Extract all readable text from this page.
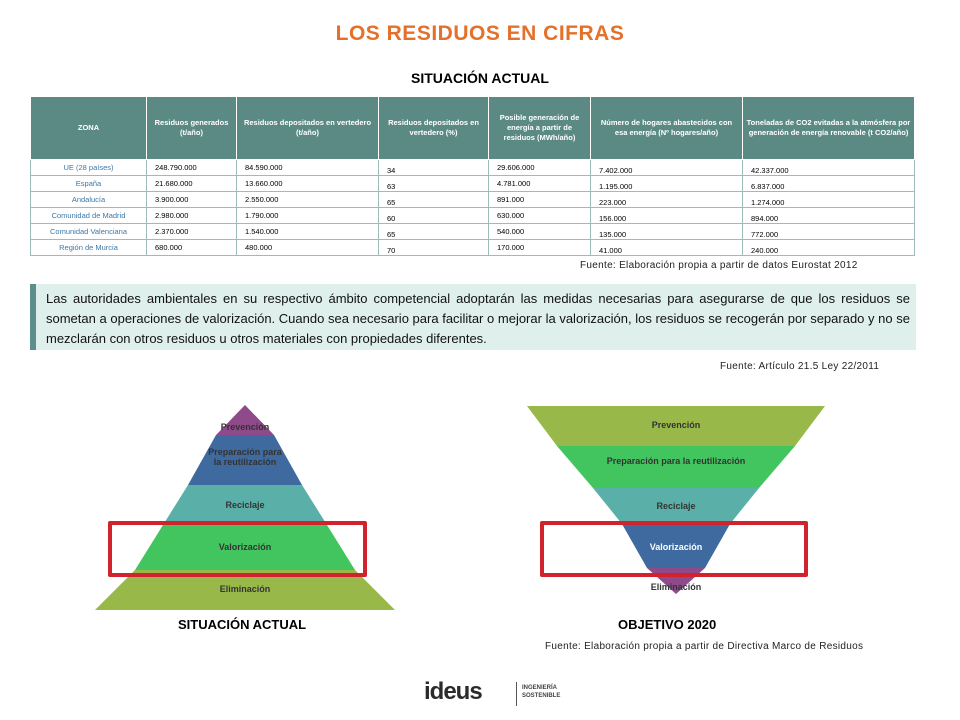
LOS RESIDUOS EN CIFRAS
SITUACIÓN ACTUAL
ZONA	Residuos generados (t/año)	Residuos depositados en vertedero (t/año)	Residuos depositados en vertedero (%)	Posible generación de energía a partir de residuos (MWh/año)	Número de hogares abastecidos con esa energía (Nº hogares/año)	Toneladas de CO2 evitadas a la atmósfera por generación de energía renovable (t CO2/año)
UE (28 países)	248.790.000	84.590.000	34	29.606.000	7.402.000	42.337.000
España	21.680.000	13.660.000	63	4.781.000	1.195.000	6.837.000
Andalucía	3.900.000	2.550.000	65	891.000	223.000	1.274.000
Comunidad de Madrid	2.980.000	1.790.000	60	630.000	156.000	894.000
Comunidad Valenciana	2.370.000	1.540.000	65	540.000	135.000	772.000
Región de Murcia	680.000	480.000	70	170.000	41.000	240.000
Fuente: Elaboración propia a partir de datos Eurostat 2012
Las autoridades ambientales en su respectivo ámbito competencial adoptarán las medidas necesarias para asegurarse de que los residuos se sometan a operaciones de valorización. Cuando sea necesario para facilitar o mejorar la valorización, los residuos se recogerán por separado y no se mezclarán con otros residuos u otros materiales con propiedades diferentes.
Fuente: Artículo 21.5 Ley 22/2011
Prevención
Preparación para la reutilización
Reciclaje
Valorización
Eliminación
SITUACIÓN ACTUAL
Prevención
Preparación para la reutilización
Reciclaje
Valorización
Eliminación
OBJETIVO 2020
Fuente: Elaboración propia a partir de Directiva Marco de Residuos
ideus	INGENIERÍA
SOSTENIBLE
